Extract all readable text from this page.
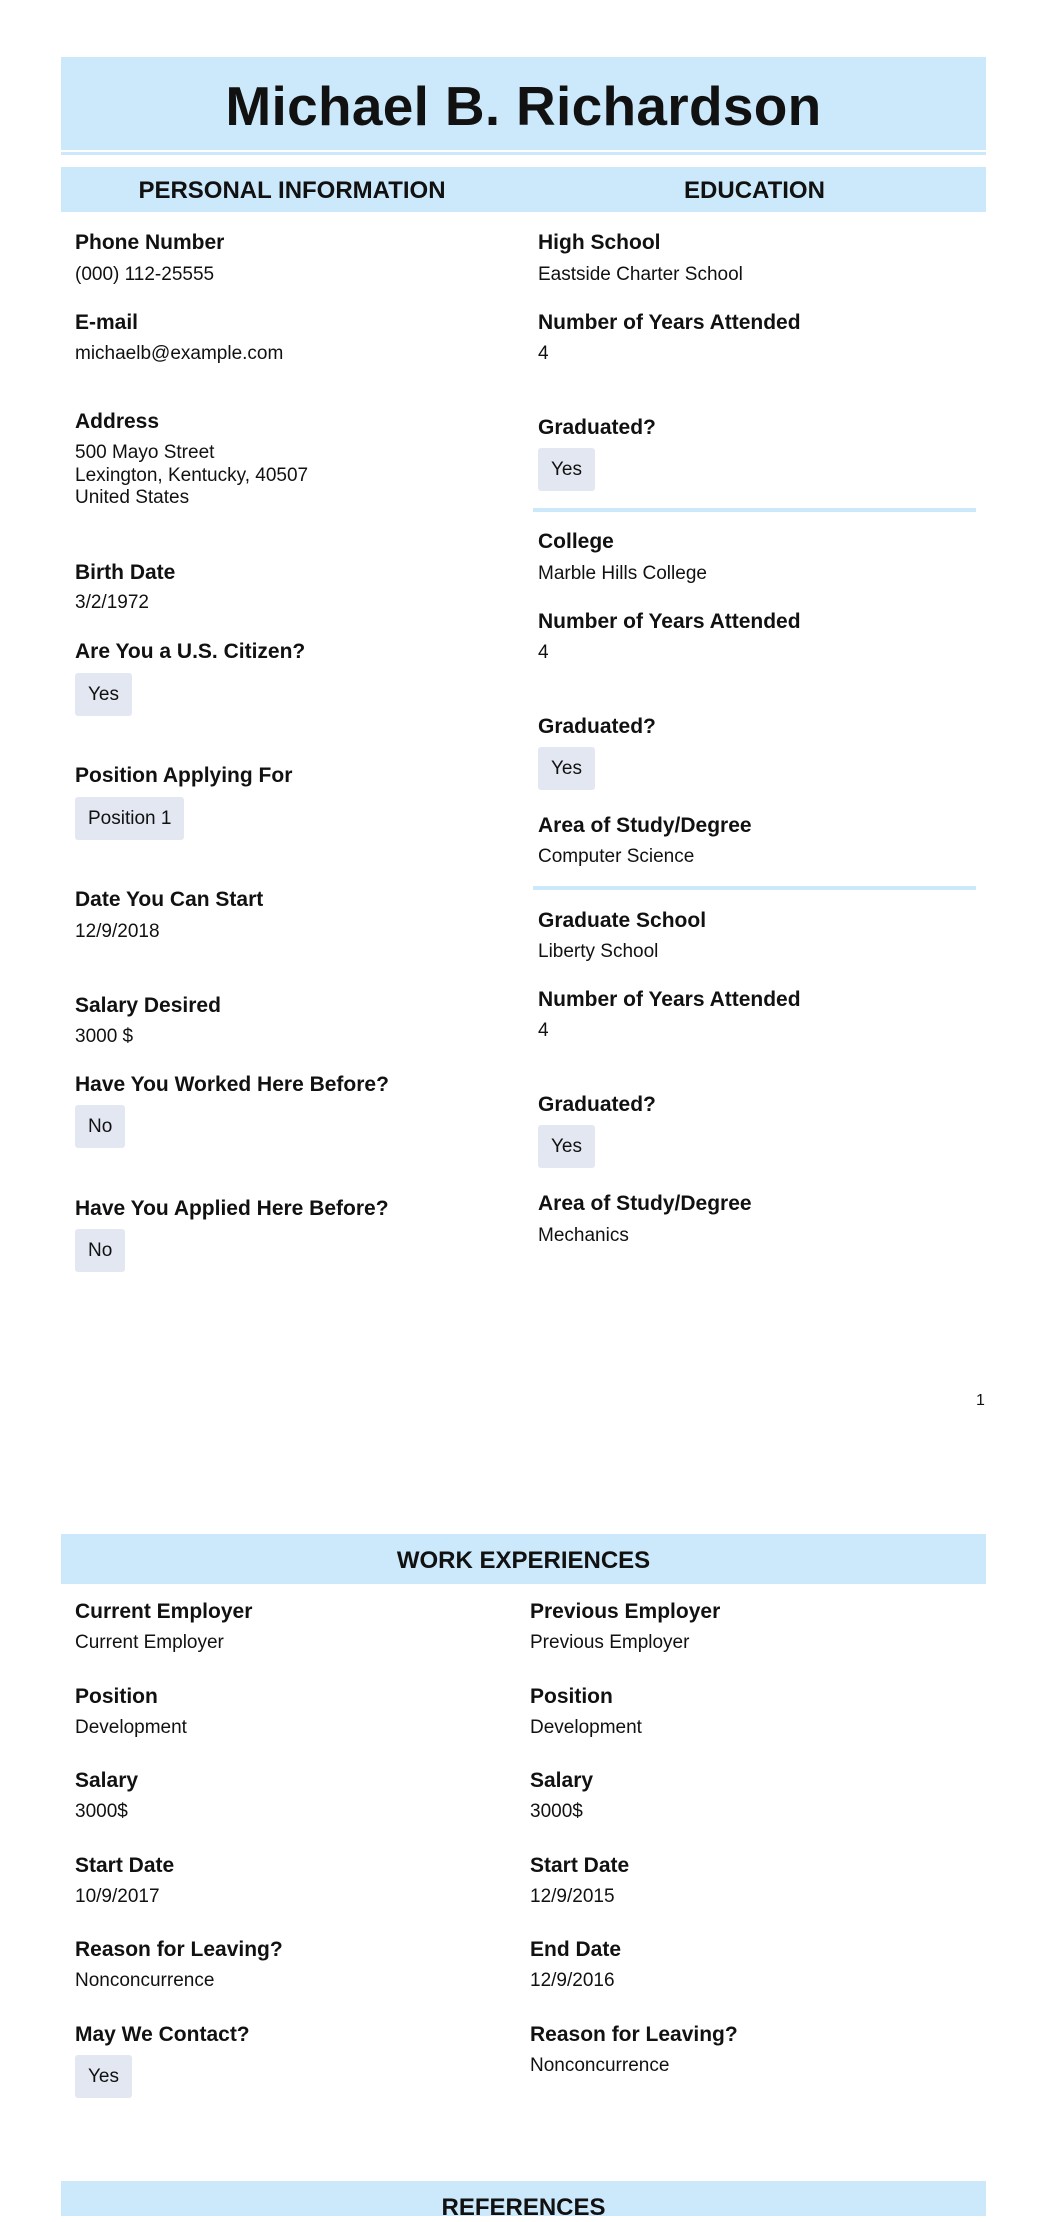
Michael B. Richardson
PERSONAL INFORMATION	EDUCATION
Phone Number
(000) 112-25555
E-mail
michaelb@example.com
Address
500 Mayo Street
Lexington, Kentucky, 40507
United States
Birth Date
3/2/1972
Are You a U.S. Citizen?
Yes
Position Applying For
Position 1
Date You Can Start
12/9/2018
Salary Desired
3000 $
Have You Worked Here Before?
No
Have You Applied Here Before?
No
High School
Eastside Charter School
Number of Years Attended
4
Graduated?
Yes
College
Marble Hills College
Number of Years Attended
4
Graduated?
Yes
Area of Study/Degree
Computer Science
Graduate School
Liberty School
Number of Years Attended
4
Graduated?
Yes
Area of Study/Degree
Mechanics
1
WORK EXPERIENCES
Current Employer
Current Employer
Position
Development
Salary
3000$
Start Date
10/9/2017
Reason for Leaving?
Nonconcurrence
May We Contact?
Yes
Previous Employer
Previous Employer
Position
Development
Salary
3000$
Start Date
12/9/2015
End Date
12/9/2016
Reason for Leaving?
Nonconcurrence
REFERENCES
